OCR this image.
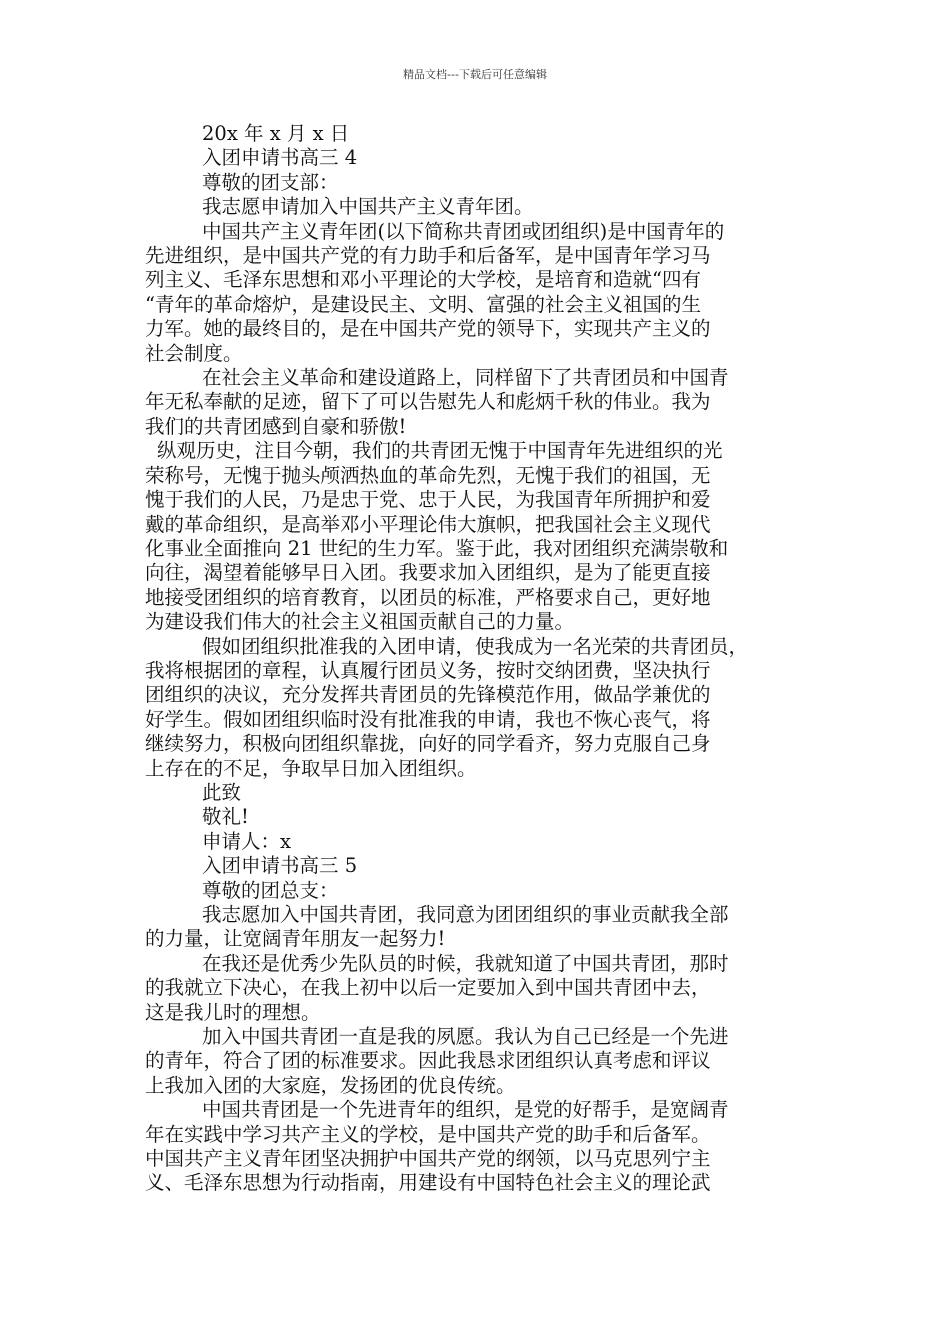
精品文档---下载后可任意编辑
20x 年 x 月 x 日
入团申请书高三 4
尊敬的团支部：
我志愿申请加入中国共产主义青年团。
中国共产主义青年团(以下简称共青团或团组织)是中国青年的
先进组织，是中国共产党的有力助手和后备军，是中国青年学习马
列主义、毛泽东思想和邓小平理论的大学校，是培育和造就“四有
“青年的革命熔炉，是建设民主、文明、富强的社会主义祖国的生
力军。她的最终目的，是在中国共产党的领导下，实现共产主义的
社会制度。
在社会主义革命和建设道路上，同样留下了共青团员和中国青
年无私奉献的足迹，留下了可以告慰先人和彪炳千秋的伟业。我为
我们的共青团感到自豪和骄傲!
纵观历史，注目今朝，我们的共青团无愧于中国青年先进组织的光
荣称号，无愧于抛头颅洒热血的革命先烈，无愧于我们的祖国，无
愧于我们的人民，乃是忠于党、忠于人民，为我国青年所拥护和爱
戴的革命组织，是高举邓小平理论伟大旗帜，把我国社会主义现代
化事业全面推向 21 世纪的生力军。鉴于此，我对团组织充满崇敬和
向往，渴望着能够早日入团。我要求加入团组织，是为了能更直接
地接受团组织的培育教育，以团员的标准，严格要求自己，更好地
为建设我们伟大的社会主义祖国贡献自己的力量。
假如团组织批准我的入团申请，使我成为一名光荣的共青团员，
我将根据团的章程，认真履行团员义务，按时交纳团费，坚决执行
团组织的决议，充分发挥共青团员的先锋模范作用，做品学兼优的
好学生。假如团组织临时没有批准我的申请，我也不恢心丧气，将
继续努力，积极向团组织靠拢，向好的同学看齐，努力克服自己身
上存在的不足，争取早日加入团组织。
此致
敬礼!
申请人：x
入团申请书高三 5
尊敬的团总支：
我志愿加入中国共青团，我同意为团团组织的事业贡献我全部
的力量，让宽阔青年朋友一起努力!
在我还是优秀少先队员的时候，我就知道了中国共青团，那时
的我就立下决心，在我上初中以后一定要加入到中国共青团中去，
这是我儿时的理想。
加入中国共青团一直是我的夙愿。我认为自己已经是一个先进
的青年，符合了团的标准要求。因此我恳求团组织认真考虑和评议
上我加入团的大家庭，发扬团的优良传统。
中国共青团是一个先进青年的组织，是党的好帮手，是宽阔青
年在实践中学习共产主义的学校，是中国共产党的助手和后备军。
中国共产主义青年团坚决拥护中国共产党的纲领，以马克思列宁主
义、毛泽东思想为行动指南，用建设有中国特色社会主义的理论武
